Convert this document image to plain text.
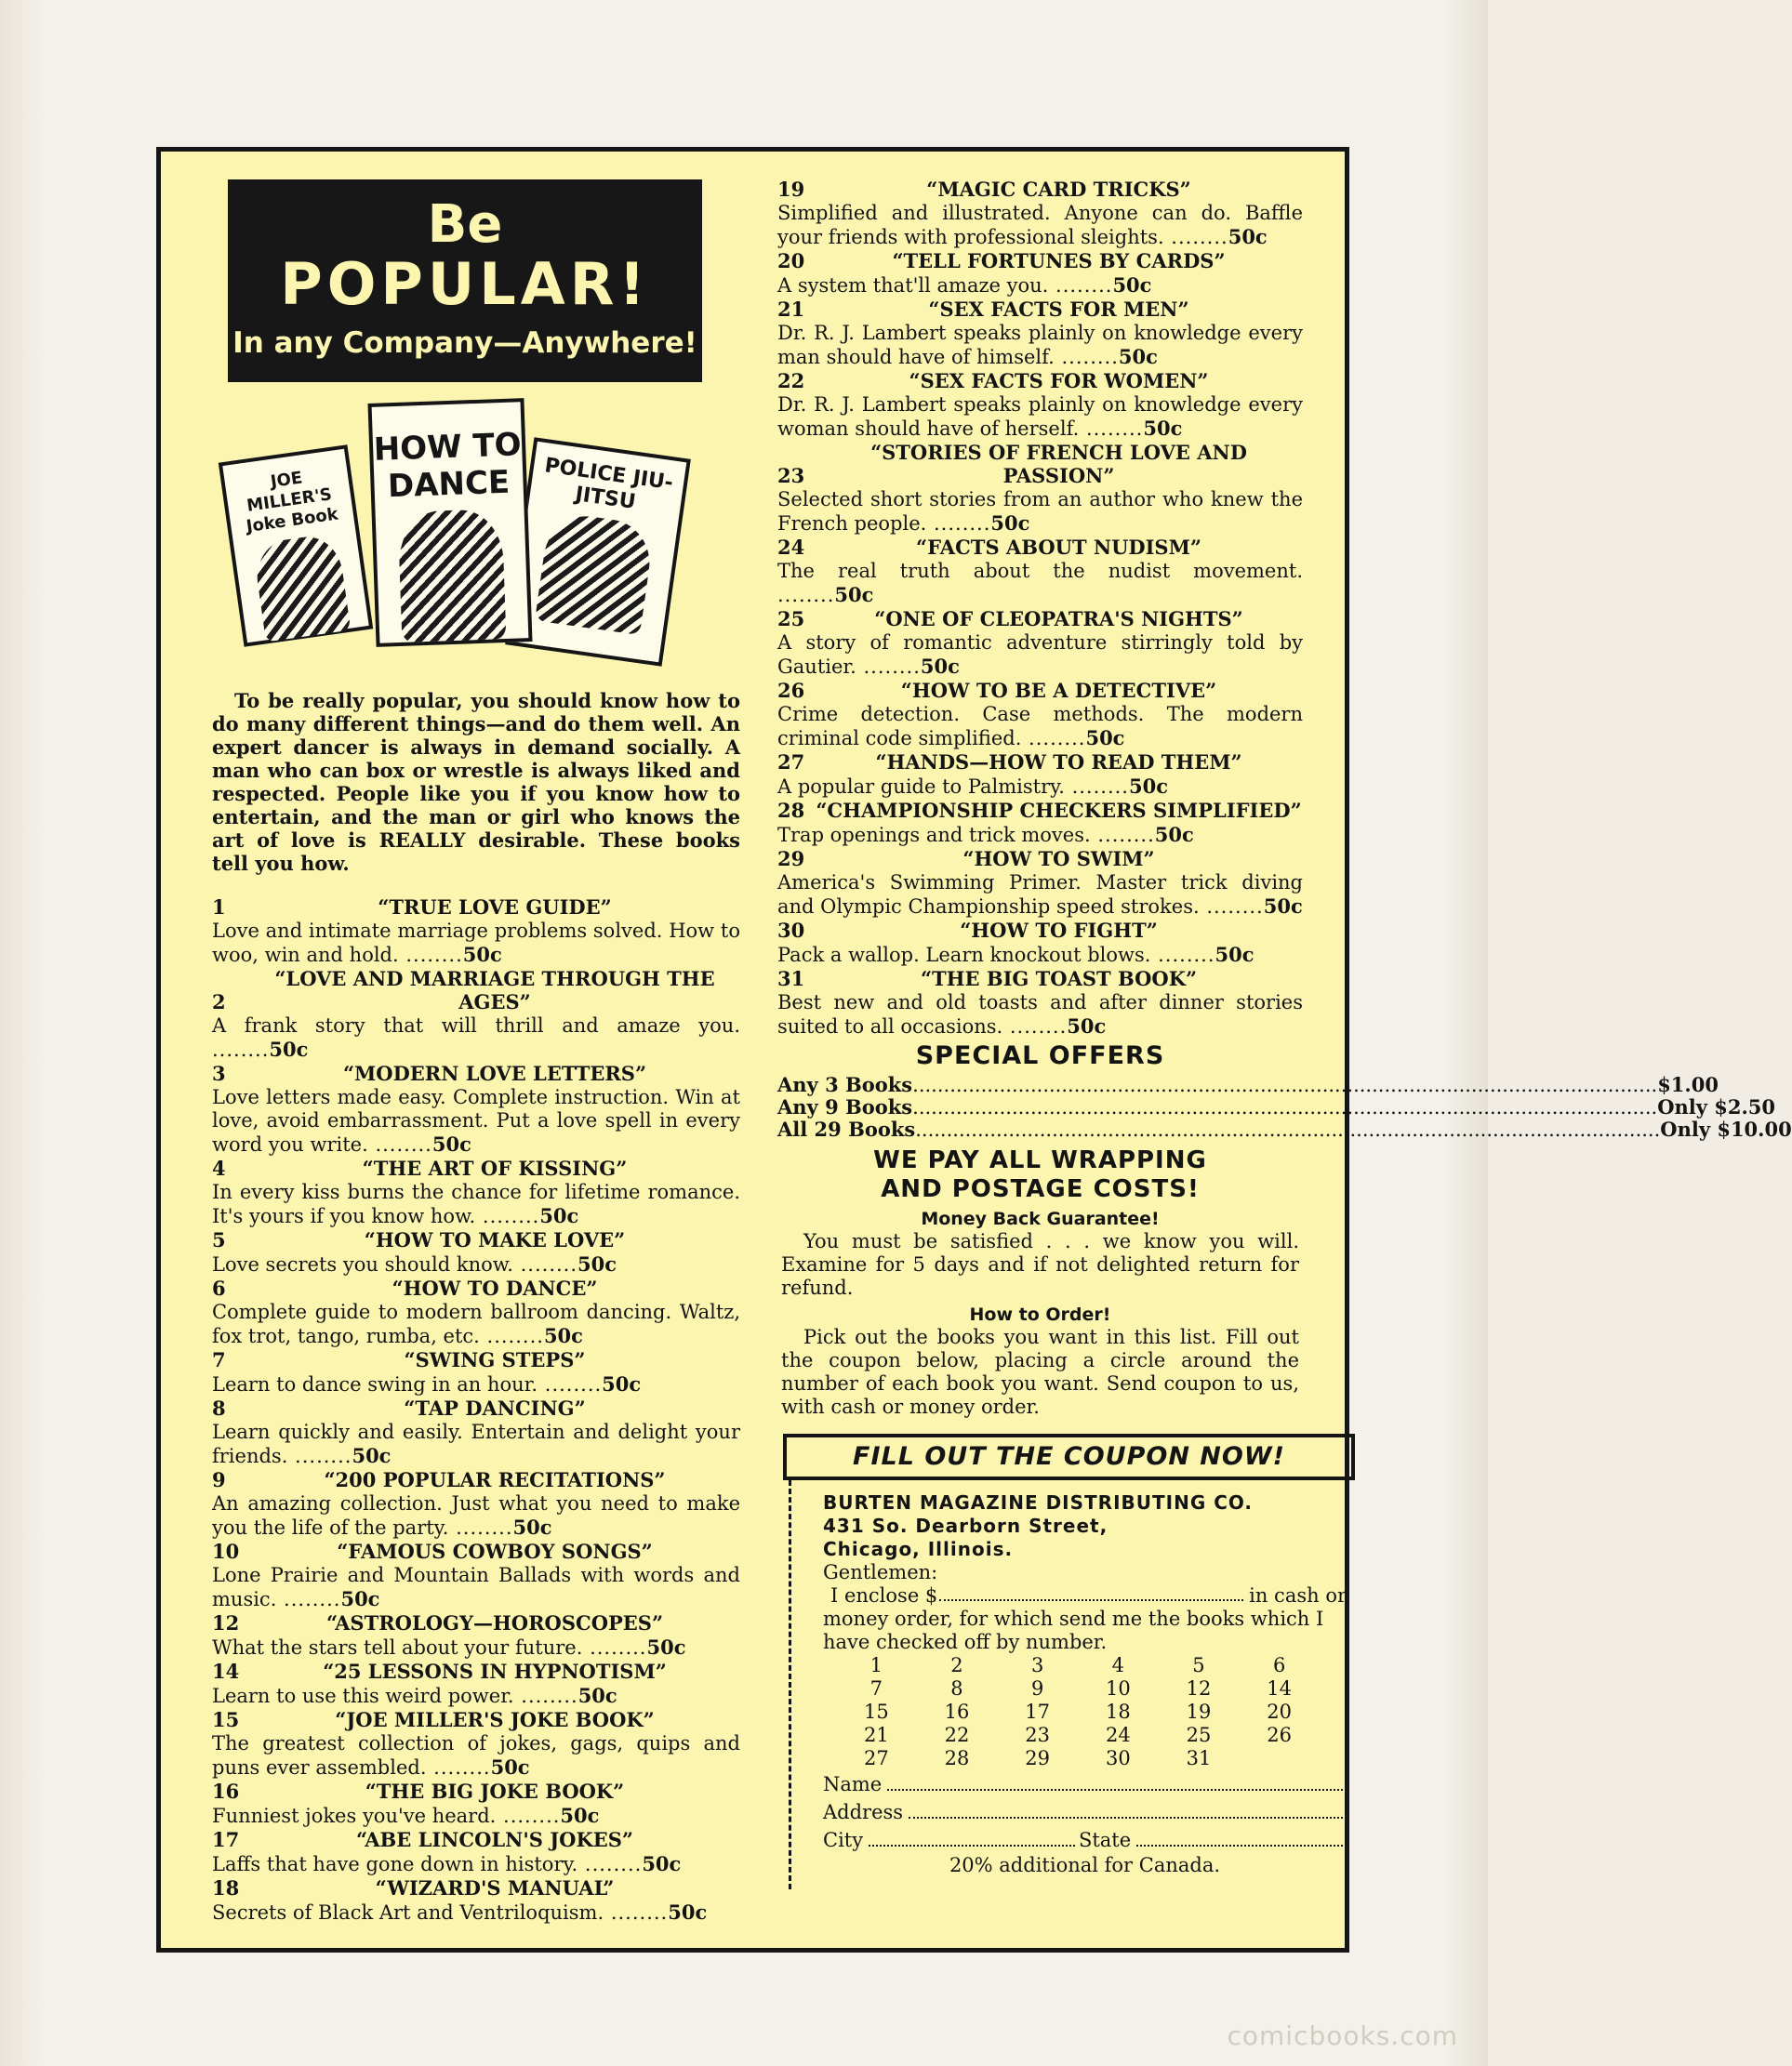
Be
POPULAR!
In any Company—Anywhere!
JOE MILLER'S Joke Book
POLICE JIU-JITSU
HOW TO DANCE
To be really popular, you should know how to do many different things—and do them well. An expert dancer is always in demand socially. A man who can box or wrestle is always liked and respected. People like you if you know how to entertain, and the man or girl who knows the art of love is REALLY desirable. These books tell you how.
1	“TRUE LOVE GUIDE”
Love and intimate marriage problems solved. How to woo, win and hold. ........50c
2“LOVE AND MARRIAGE THROUGH THE AGES”
A frank story that will thrill and amaze you. ........50c
3	“MODERN LOVE LETTERS”
Love letters made easy. Complete instruction. Win at love, avoid embarrassment. Put a love spell in every word you write. ........50c
4	“THE ART OF KISSING”
In every kiss burns the chance for lifetime romance. It's yours if you know how. ........50c
5	“HOW TO MAKE LOVE”
Love secrets you should know. ........50c
6	“HOW TO DANCE”
Complete guide to modern ballroom dancing. Waltz, fox trot, tango, rumba, etc. ........50c
7	“SWING STEPS”
Learn to dance swing in an hour. ........50c
8	“TAP DANCING”
Learn quickly and easily. Entertain and delight your friends. ........50c
9	“200 POPULAR RECITATIONS”
An amazing collection. Just what you need to make you the life of the party. ........50c
10	“FAMOUS COWBOY SONGS”
Lone Prairie and Mountain Ballads with words and music. ........50c
12	“ASTROLOGY—HOROSCOPES”
What the stars tell about your future. ........50c
14	“25 LESSONS IN HYPNOTISM”
Learn to use this weird power. ........50c
15	“JOE MILLER'S JOKE BOOK”
The greatest collection of jokes, gags, quips and puns ever assembled. ........50c
16	“THE BIG JOKE BOOK”
Funniest jokes you've heard. ........50c
17	“ABE LINCOLN'S JOKES”
Laffs that have gone down in history. ........50c
18	“WIZARD'S MANUAL”
Secrets of Black Art and Ventriloquism. ........50c
19	“MAGIC CARD TRICKS”
Simplified and illustrated. Anyone can do. Baffle your friends with professional sleights. ........50c
20	“TELL FORTUNES BY CARDS”
A system that'll amaze you. ........50c
21	“SEX FACTS FOR MEN”
Dr. R. J. Lambert speaks plainly on knowledge every man should have of himself. ........50c
22	“SEX FACTS FOR WOMEN”
Dr. R. J. Lambert speaks plainly on knowledge every woman should have of herself. ........50c
23“STORIES OF FRENCH LOVE AND PASSION”
Selected short stories from an author who knew the French people. ........50c
24	“FACTS ABOUT NUDISM”
The real truth about the nudist movement. ........50c
25	“ONE OF CLEOPATRA'S NIGHTS”
A story of romantic adventure stirringly told by Gautier. ........50c
26	“HOW TO BE A DETECTIVE”
Crime detection. Case methods. The modern criminal code simplified. ........50c
27	“HANDS—HOW TO READ THEM”
A popular guide to Palmistry. ........50c
28 “CHAMPIONSHIP CHECKERS SIMPLIFIED”
Trap openings and trick moves. ........50c
29	“HOW TO SWIM”
America's Swimming Primer. Master trick diving and Olympic Championship speed strokes. ........50c
30	“HOW TO FIGHT”
Pack a wallop. Learn knockout blows. ........50c
31	“THE BIG TOAST BOOK”
Best new and old toasts and after dinner stories suited to all occasions. ........50c
SPECIAL OFFERS
Any 3 Books ........................................................................................................................ $1.00
Any 9 Books ........................................................................................................................ Only $2.50
All 29 Books ........................................................................................................................ Only $10.00
WE PAY ALL WRAPPING
AND POSTAGE COSTS!
Money Back Guarantee!
You must be satisfied . . . we know you will. Examine for 5 days and if not delighted return for refund.
How to Order!
Pick out the books you want in this list. Fill out the coupon below, placing a circle around the number of each book you want. Send coupon to us, with cash or money order.
FILL OUT THE COUPON NOW!
BURTEN MAGAZINE DISTRIBUTING CO.
431 So. Dearborn Street,
Chicago, Illinois.
Gentlemen:
I enclose $	in cash or
money order, for which send me the books which I have checked off by number.
1	2	3	4	5	6
7	8	9	10	12	14
15	16	17	18	19	20
21	22	23	24	25	26
27	28	29	30	31
Name
Address
City	State
20% additional for Canada.
comicbooks.com
